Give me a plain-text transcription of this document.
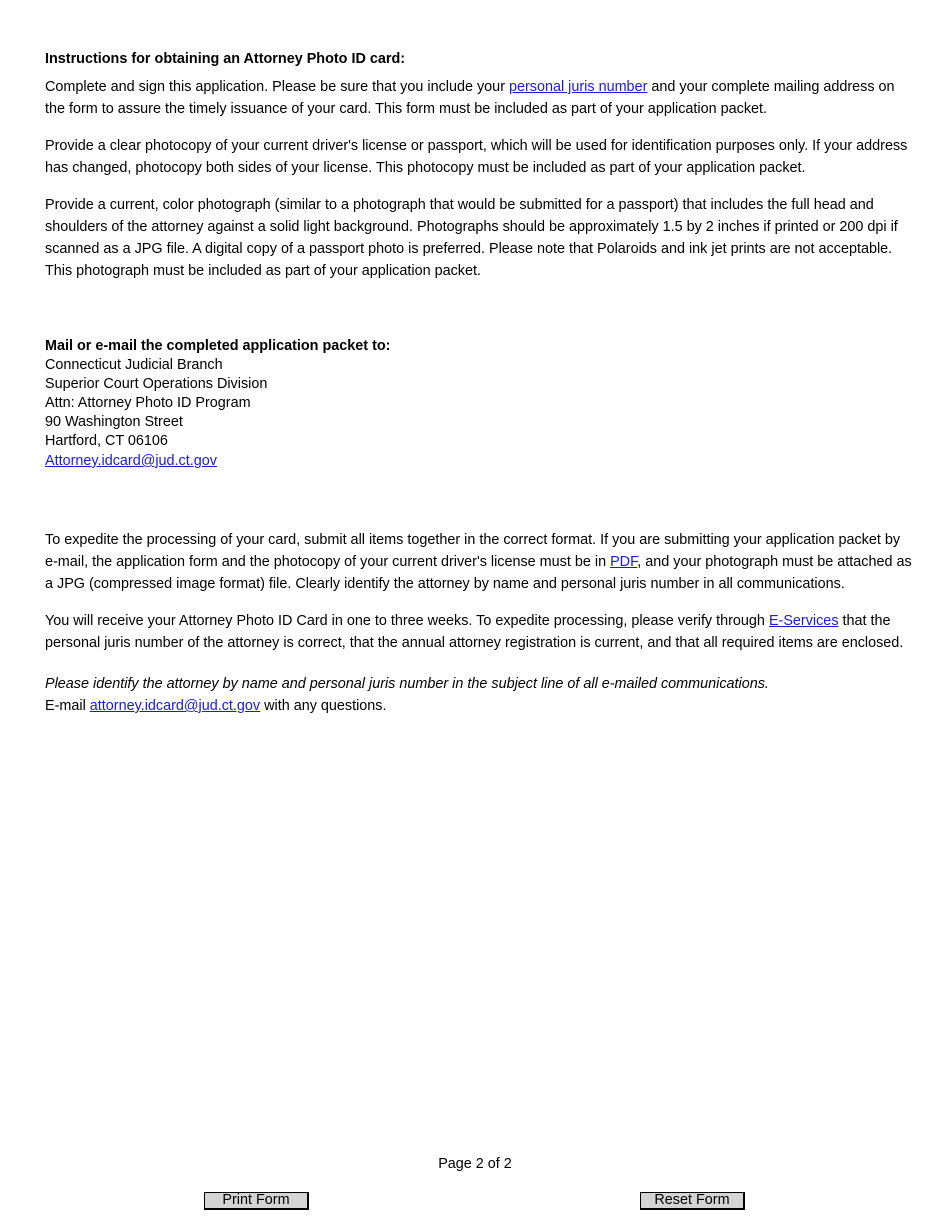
Instructions for obtaining an Attorney Photo ID card:

Complete and sign this application. Please be sure that you include your personal juris number and your complete mailing address on the form to assure the timely issuance of your card. This form must be included as part of your application packet.

Provide a clear photocopy of your current driver's license or passport, which will be used for identification purposes only. If your address has changed, photocopy both sides of your license. This photocopy must be included as part of your application packet.

Provide a current, color photograph (similar to a photograph that would be submitted for a passport) that includes the full head and shoulders of the attorney against a solid light background. Photographs should be approximately 1.5 by 2 inches if printed or 200 dpi if scanned as a JPG file. A digital copy of a passport photo is preferred. Please note that Polaroids and ink jet prints are not acceptable. This photograph must be included as part of your application packet.

Mail or e-mail the completed application packet to:
Connecticut Judicial Branch
Superior Court Operations Division
Attn: Attorney Photo ID Program
90 Washington Street
Hartford, CT 06106
Attorney.idcard@jud.ct.gov

To expedite the processing of your card, submit all items together in the correct format. If you are submitting your application packet by e-mail, the application form and the photocopy of your current driver's license must be in PDF, and your photograph must be attached as a JPG (compressed image format) file. Clearly identify the attorney by name and personal juris number in all communications.

You will receive your Attorney Photo ID Card in one to three weeks. To expedite processing, please verify through E-Services that the personal juris number of the attorney is correct, that the annual attorney registration is current, and that all required items are enclosed.

Please identify the attorney by name and personal juris number in the subject line of all e-mailed communications.
E-mail attorney.idcard@jud.ct.gov with any questions.
Page 2 of 2
Print Form	Reset Form
